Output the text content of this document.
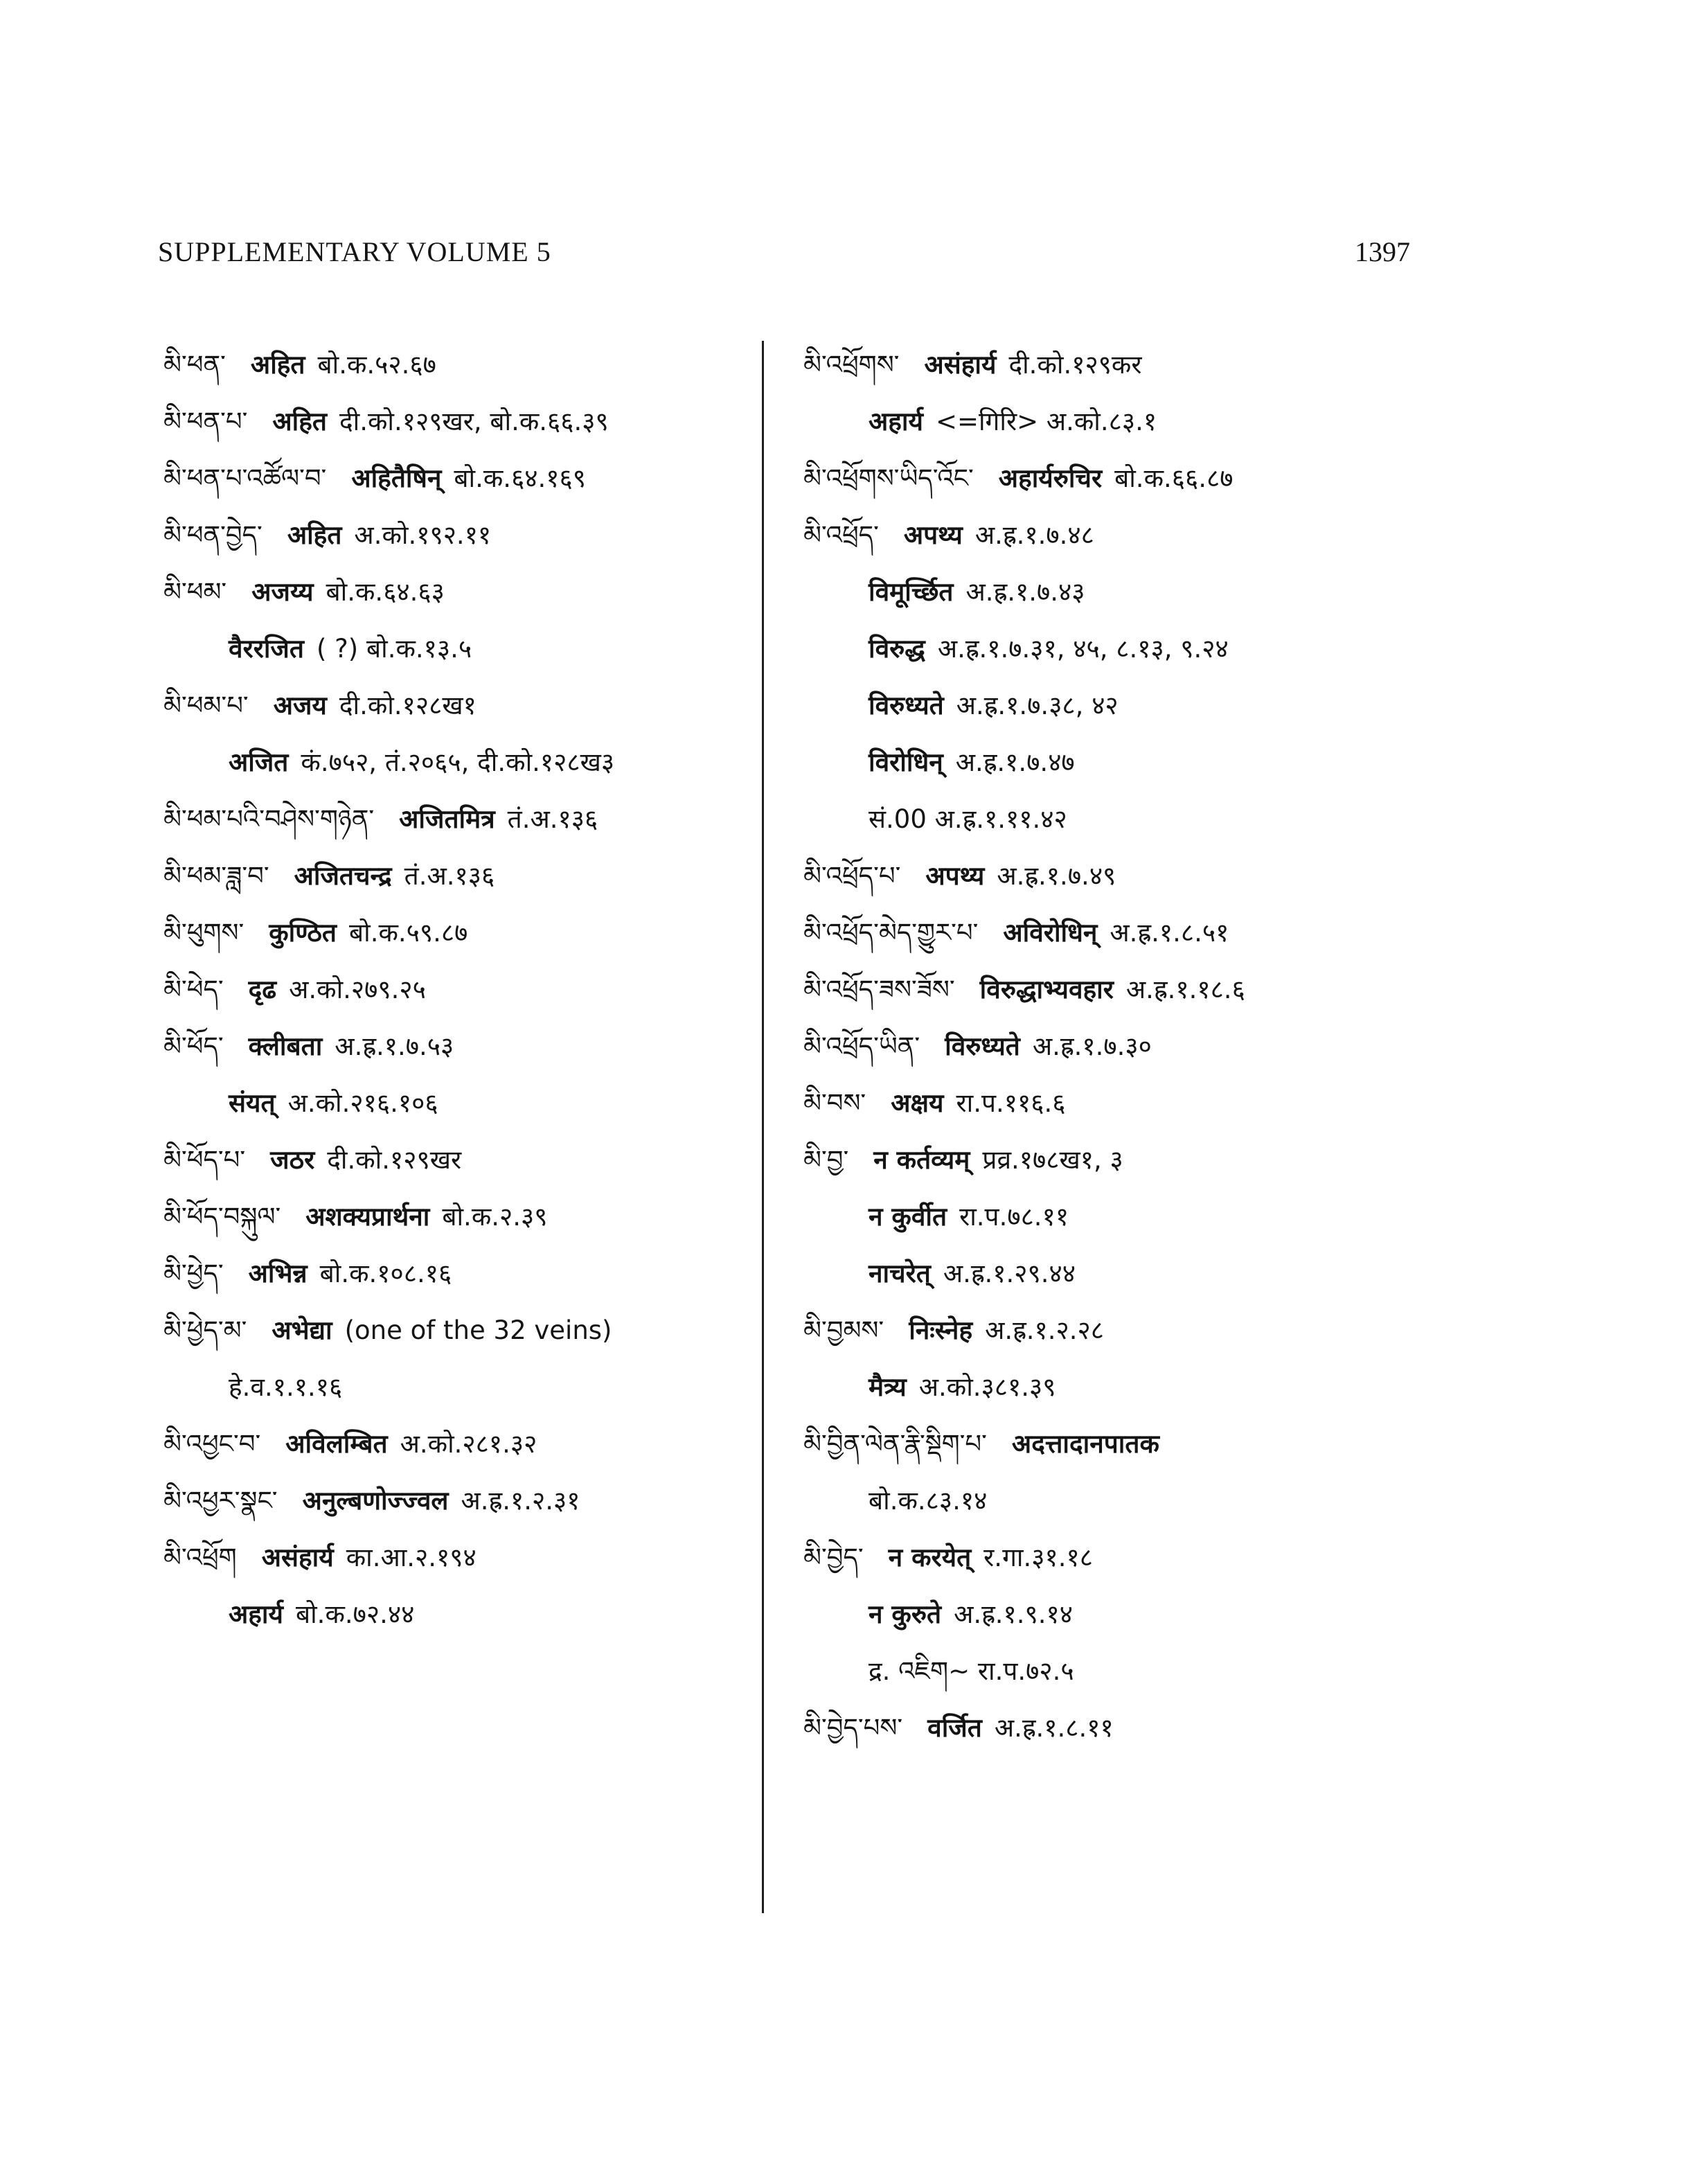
SUPPLEMENTARY VOLUME 5	1397
མི་ཕན་ अहित बो.क.५२.६७
མི་ཕན་པ་ अहित दी.को.१२९खर, बो.क.६६.३९
མི་ཕན་པ་འཚོལ་བ་ अहितैषिन् बो.क.६४.१६९
མི་ཕན་བྱེད་ अहित अ.को.१९२.११
མི་ཕམ་ अजय्य बो.क.६४.६३
वैररजित ( ?) बो.क.१३.५
མི་ཕམ་པ་ अजय दी.को.१२८ख१
अजित कं.७५२, तं.२०६५, दी.को.१२८ख३
མི་ཕམ་པའི་བཤེས་གཉེན་ अजितमित्र तं.अ.१३६
མི་ཕམ་ཟླ་བ་ अजितचन्द्र तं.अ.१३६
མི་ཕུགས་ कुण्ठित बो.क.५९.८७
མི་ཕེད་ दृढ अ.को.२७९.२५
མི་ཕོད་ क्लीबता अ.ह्र.१.७.५३
संयत् अ.को.२१६.१०६
མི་ཕོད་པ་ जठर दी.को.१२९खर
མི་ཕོད་བསྐུལ་ अशक्यप्रार्थना बो.क.२.३९
མི་ཕྱེད་ अभिन्न बो.क.१०८.१६
མི་ཕྱེད་མ་ अभेद्या (one of the 32 veins)
हे.व.१.१.१६
མི་འཕྱང་བ་ अविलम्बित अ.को.२८१.३२
མི་འཕྱར་སྣང་ अनुल्बणोज्ज्वल अ.ह्र.१.२.३१
མི་འཕྲོག असंहार्य का.आ.२.१९४
अहार्य बो.क.७२.४४
མི་འཕྲོགས་ असंहार्य दी.को.१२९कर
अहार्य <=गिरि> अ.को.८३.१
མི་འཕྲོགས་ཡིད་འོང་ अहार्यरुचिर बो.क.६६.८७
མི་འཕྲོད་ अपथ्य अ.ह्र.१.७.४८
विमूर्च्छित अ.ह्र.१.७.४३
विरुद्ध अ.ह्र.१.७.३१, ४५, ८.१३, ९.२४
विरुध्यते अ.ह्र.१.७.३८, ४२
विरोधिन् अ.ह्र.१.७.४७
सं.00 अ.ह्र.१.११.४२
མི་འཕྲོད་པ་ अपथ्य अ.ह्र.१.७.४९
མི་འཕྲོད་མེད་གྱུར་པ་ अविरोधिन् अ.ह्र.१.८.५१
མི་འཕྲོད་ཟས་ཟོས་ विरुद्धाभ्यवहार अ.ह्र.१.१८.६
མི་འཕྲོད་ཡིན་ विरुध्यते अ.ह्र.१.७.३०
མི་བས་ अक्षय रा.प.११६.६
མི་བྱ་ न कर्तव्यम् प्रव्र.१७८ख१, ३
न कुर्वीत रा.प.७८.११
नाचरेत् अ.ह्र.१.२९.४४
མི་བྱམས་ निःस्नेह अ.ह्र.१.२.२८
मैत्र्य अ.को.३८१.३९
མི་བྱིན་ལེན་རྣི་སྡིག་པ་ अदत्तादानपातक
बो.क.८३.१४
མི་བྱེད་ न करयेत् र.गा.३१.१८
न कुरुते अ.ह्र.१.९.१४
द्र. འཇིག~ रा.प.७२.५
མི་བྱེད་པས་ वर्जित अ.ह्र.१.८.११
